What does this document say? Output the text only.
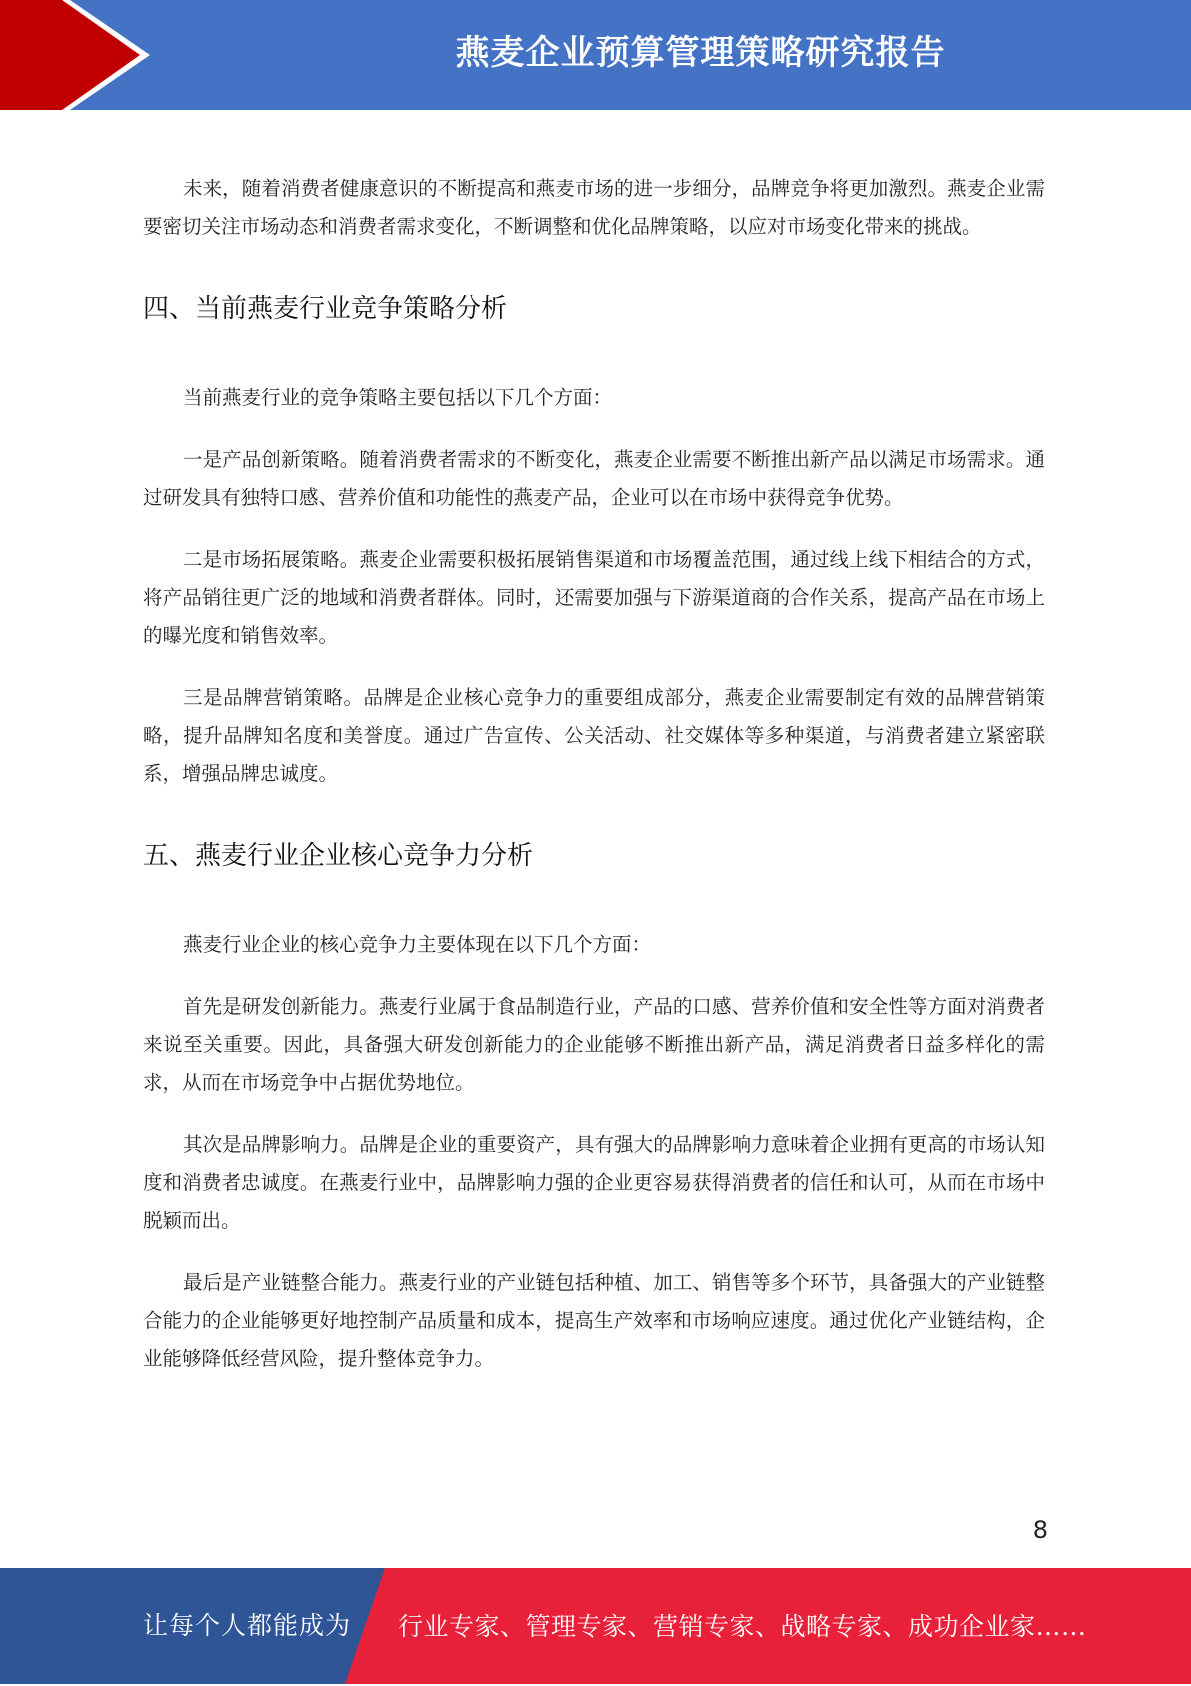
燕麦企业预算管理策略研究报告

未来，随着消费者健康意识的不断提高和燕麦市场的进一步细分，品牌竞争将更加激烈。燕麦企业需要密切关注市场动态和消费者需求变化，不断调整和优化品牌策略，以应对市场变化带来的挑战。

四、当前燕麦行业竞争策略分析

当前燕麦行业的竞争策略主要包括以下几个方面：

一是产品创新策略。随着消费者需求的不断变化，燕麦企业需要不断推出新产品以满足市场需求。通过研发具有独特口感、营养价值和功能性的燕麦产品，企业可以在市场中获得竞争优势。

二是市场拓展策略。燕麦企业需要积极拓展销售渠道和市场覆盖范围，通过线上线下相结合的方式，将产品销往更广泛的地域和消费者群体。同时，还需要加强与下游渠道商的合作关系，提高产品在市场上的曝光度和销售效率。

三是品牌营销策略。品牌是企业核心竞争力的重要组成部分，燕麦企业需要制定有效的品牌营销策略，提升品牌知名度和美誉度。通过广告宣传、公关活动、社交媒体等多种渠道，与消费者建立紧密联系，增强品牌忠诚度。

五、燕麦行业企业核心竞争力分析

燕麦行业企业的核心竞争力主要体现在以下几个方面：

首先是研发创新能力。燕麦行业属于食品制造行业，产品的口感、营养价值和安全性等方面对消费者来说至关重要。因此，具备强大研发创新能力的企业能够不断推出新产品，满足消费者日益多样化的需求，从而在市场竞争中占据优势地位。

其次是品牌影响力。品牌是企业的重要资产，具有强大的品牌影响力意味着企业拥有更高的市场认知度和消费者忠诚度。在燕麦行业中，品牌影响力强的企业更容易获得消费者的信任和认可，从而在市场中脱颖而出。

最后是产业链整合能力。燕麦行业的产业链包括种植、加工、销售等多个环节，具备强大的产业链整合能力的企业能够更好地控制产品质量和成本，提高生产效率和市场响应速度。通过优化产业链结构，企业能够降低经营风险，提升整体竞争力。

8
让每个人都能成为 行业专家、管理专家、营销专家、战略专家、成功企业家……
